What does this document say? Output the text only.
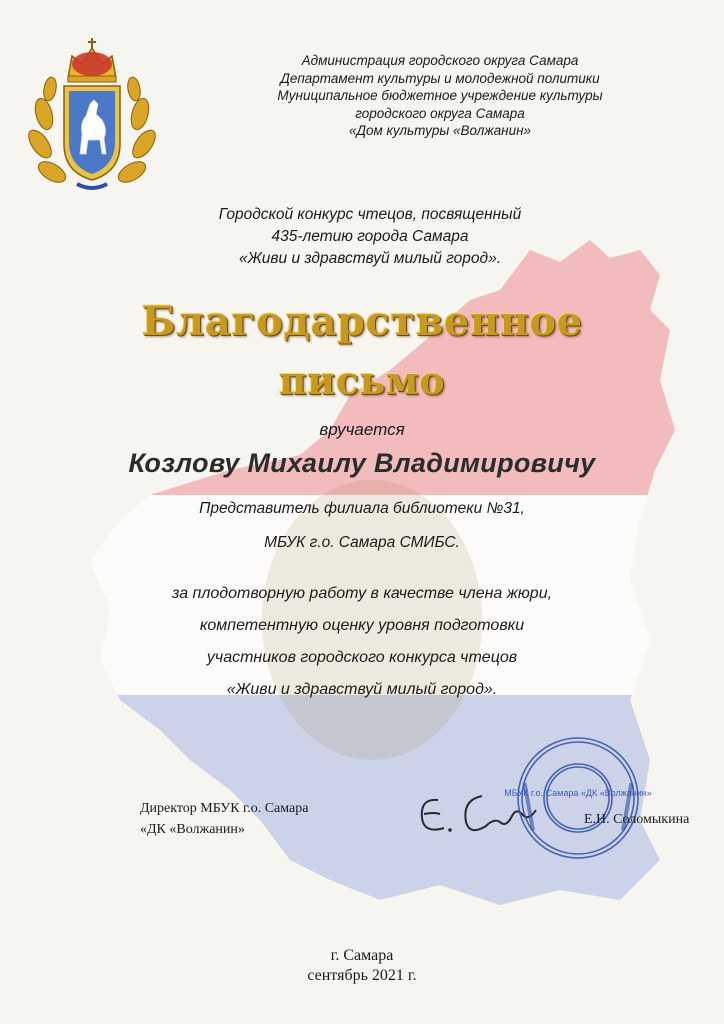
Администрация городского округа Самара
Департамент культуры и молодежной политики
Муниципальное бюджетное учреждение культуры
городского округа Самара
«Дом культуры «Волжанин»
Городской конкурс чтецов, посвященный
435-летию города Самара
«Живи и здравствуй милый город».
Благодарственное
письмо
вручается
Козлову Михаилу Владимировичу
Представитель филиала библиотеки №31,
МБУК г.о. Самара СМИБС.
за плодотворную работу в качестве члена жюри,
компетентную оценку уровня подготовки
участников городского конкурса чтецов
«Живи и здравствуй милый город».
Директор МБУК г.о. Самара
«ДК «Волжанин»
МБУК г.о. Самара «ДК «Волжанин»
Е.Н. Соломыкина
г. Самара
сентябрь 2021 г.
